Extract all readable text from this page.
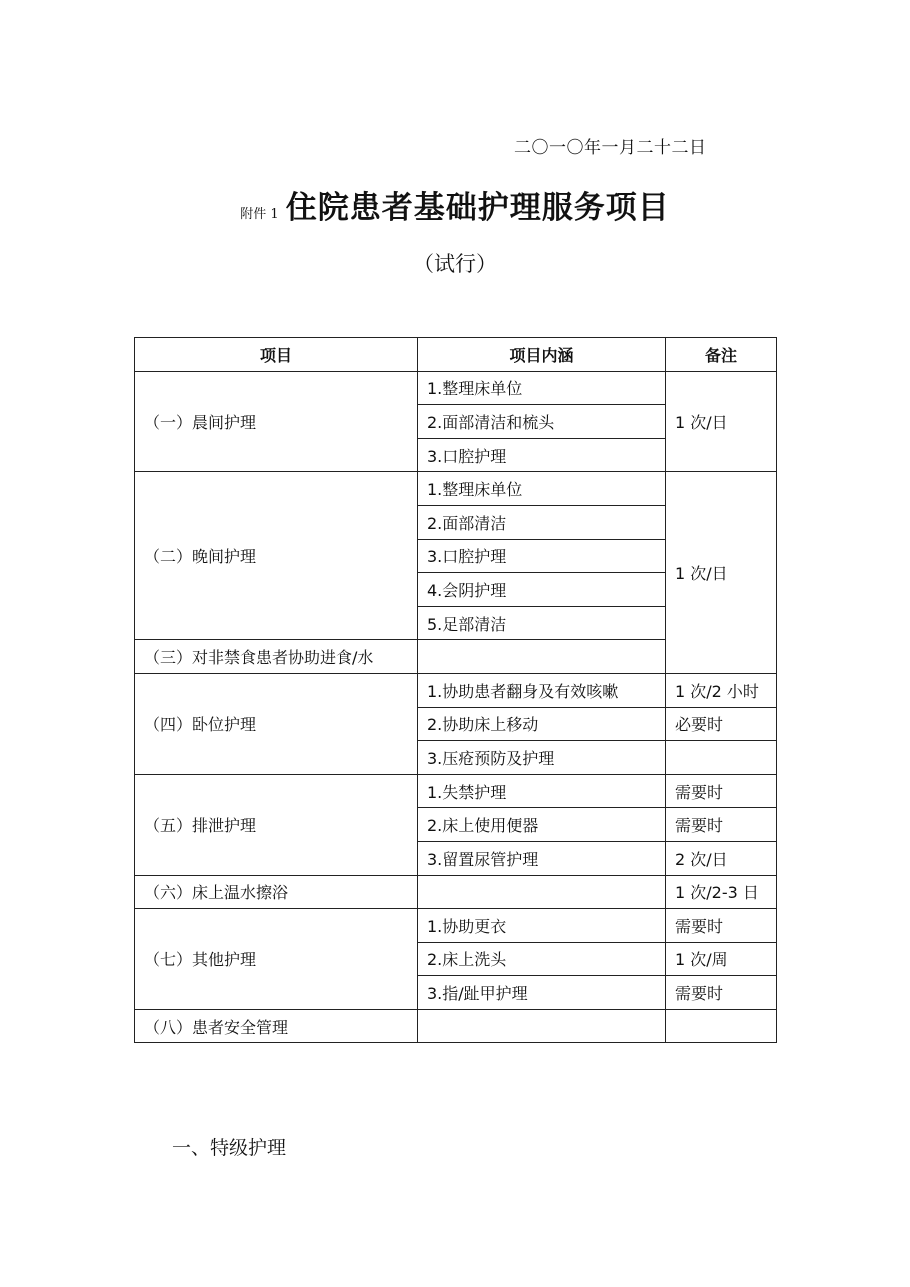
二〇一〇年一月二十二日
附件 1 住院患者基础护理服务项目
（试行）
项目	项目内涵	备注
（一）晨间护理	1.整理床单位	1 次/日
	2.面部清洁和梳头	
	3.口腔护理	
（二）晚间护理	1.整理床单位	1 次/日
	2.面部清洁	
	3.口腔护理	
	4.会阴护理	
	5.足部清洁	
（三）对非禁食患者协助进食/水		
（四）卧位护理	1.协助患者翻身及有效咳嗽	1 次/2 小时
	2.协助床上移动	必要时
	3.压疮预防及护理	
（五）排泄护理	1.失禁护理	需要时
	2.床上使用便器	需要时
	3.留置尿管护理	2 次/日
（六）床上温水擦浴		1 次/2-3 日
（七）其他护理	1.协助更衣	需要时
	2.床上洗头	1 次/周
	3.指/趾甲护理	需要时
（八）患者安全管理		
一、特级护理
